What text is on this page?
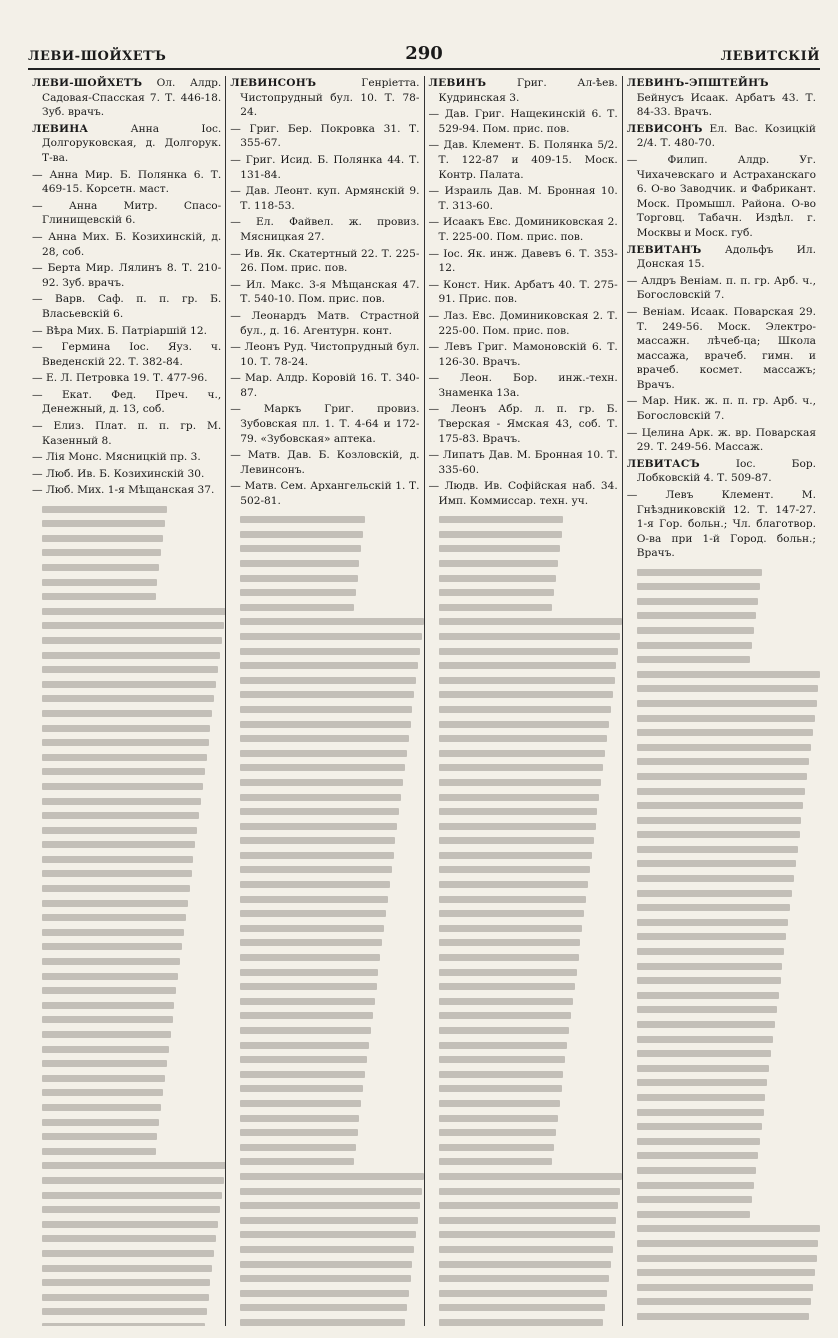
ЛЕВИ-ШОЙХЕТЪ	290	ЛЕВИТСКІЙ

ЛЕВИ-ШОЙХЕТЪ Ол. Алдр. Садовая-Спасская 7. Т. 446-18. Зуб. врачъ.

ЛЕВИНА Анна Іос. Долгоруковская, д. Долгорук. Т-ва.

— Анна Мир. Б. Полянка 6. Т. 469-15. Корсетн. маст.

— Анна Митр. Спасо-Глинищевскій 6.

— Анна Мих. Б. Козихинскій, д. 28, соб.

— Берта Мир. Лялинъ 8. Т. 210-92. Зуб. врачъ.

— Варв. Саф. п. п. гр. Б. Власьевскій 6.

— Вѣра Мих. Б. Патріаршій 12.

— Гермина Іос. Яуз. ч. Введенскій 22. Т. 382-84.

— Е. Л. Петровка 19. Т. 477-96.

— Екат. Фед. Преч. ч., Денежный, д. 13, соб.

— Елиз. Плат. п. п. гр. М. Казенный 8.

— Лія Монс. Мясницкій пр. 3.

— Люб. Ив. Б. Козихинскій 30.

— Люб. Мих. 1-я Мѣщанская 37.

ЛЕВИНСОНЪ Генріетта. Чистопрудный бул. 10. Т. 78-24.

— Григ. Бер. Покровка 31. Т. 355-67.

— Григ. Исид. Б. Полянка 44. Т. 131-84.

— Дав. Леонт. куп. Армянскій 9. Т. 118-53.

— Ел. Файвел. ж. провиз. Мясницкая 27.

— Ив. Як. Скатертный 22. Т. 225-26. Пом. прис. пов.

— Ил. Макс. 3-я Мѣщанская 47. Т. 540-10. Пом. прис. пов.

— Леонардъ Матв. Страстной бул., д. 16. Агентурн. конт.

— Леонъ Руд. Чистопрудный бул. 10. Т. 78-24.

— Мар. Алдр. Коровій 16. Т. 340-87.

— Маркъ Григ. провиз. Зубовская пл. 1. Т. 4-64 и 172-79. «Зубовская» аптека.

— Матв. Дав. Б. Козловскій, д. Левинсонъ.

— Матв. Сем. Архангельскій 1. Т. 502-81.

ЛЕВИНЪ Григ. Ал-ѣев. Кудринская 3.

— Дав. Григ. Нащекинскій 6. Т. 529-94. Пом. прис. пов.

— Дав. Клемент. Б. Полянка 5/2. Т. 122-87 и 409-15. Моск. Контр. Палата.

— Израиль Дав. М. Бронная 10. Т. 313-60.

— Исаакъ Евс. Доминиковская 2. Т. 225-00. Пом. прис. пов.

— Іос. Як. инж. Давевъ 6. Т. 353-12.

— Конст. Ник. Арбатъ 40. Т. 275-91. Прис. пов.

— Лаз. Евс. Доминиковская 2. Т. 225-00. Пом. прис. пов.

— Левъ Григ. Мамоновскій 6. Т. 126-30. Врачъ.

— Леон. Бор. инж.-техн. Знаменка 13а.

— Леонъ Абр. л. п. гр. Б. Тверская - Ямская 43, соб. Т. 175-83. Врачъ.

— Липатъ Дав. М. Бронная 10. Т. 335-60.

— Людв. Ив. Софійская наб. 34. Имп. Коммиссар. техн. уч.

ЛЕВИНЪ-ЭПШТЕЙНЪ Бейнусъ Исаак. Арбатъ 43. Т. 84-33. Врачъ.

ЛЕВИСОНЪ Ел. Вас. Козицкій 2/4. Т. 480-70.

— Филип. Алдр. Уг. Чихачевскаго и Астраханскаго 6. О-во Заводчик. и Фабрикант. Моск. Промышл. Района. О-во Торговц. Табачн. Издѣл. г. Москвы и Моск. губ.

ЛЕВИТАНЪ Адольфъ Ил. Донская 15.

— Алдръ Веніам. п. п. гр. Арб. ч., Богословскій 7.

— Веніам. Исаак. Поварская 29. Т. 249-56. Моск. Электро-массажн. лѣчеб-ца; Школа массажа, врачеб. гимн. и врачеб. космет. массажъ; Врачъ.

— Мар. Ник. ж. п. п. гр. Арб. ч., Богословскій 7.

— Целина Арк. ж. вр. Поварская 29. Т. 249-56. Массаж.

ЛЕВИТАСЪ Іос. Бор. Лобковскій 4. Т. 509-87.

— Левъ Клемент. М. Гнѣздниковскій 12. Т. 147-27. 1-я Гор. больн.; Чл. благотвор. О-ва при 1-й Город. больн.; Врачъ.
